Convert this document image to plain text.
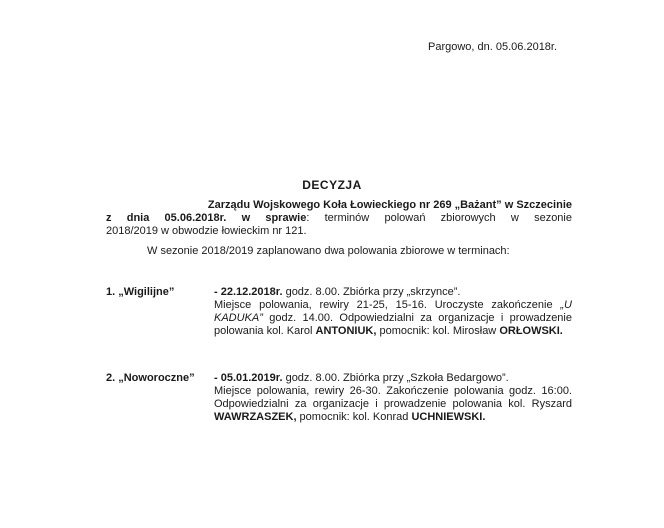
Pargowo, dn. 05.06.2018r.
DECYZJA
Zarządu Wojskowego Koła Łowieckiego nr 269 „Bażant” w Szczecinie
z dnia 05.06.2018r. w sprawie: terminów polowań zbiorowych w sezonie
2018/2019 w obwodzie łowieckim nr 121.
W sezonie 2018/2019 zaplanowano dwa polowania zbiorowe w terminach:
1. „Wigilijne”	- 22.12.2018r. godz. 8.00. Zbiórka przy „skrzynce”.

Miejsce polowania, rewiry 21-25, 15-16. Uroczyste zakończenie „U KADUKA” godz. 14.00. Odpowiedzialni za organizacje i prowadzenie polowania kol. Karol ANTONIUK, pomocnik: kol. Mirosław ORŁOWSKI.

2. „Noworoczne” - 05.01.2019r. godz. 8.00. Zbiórka przy „Szkoła Bedargowo”.

Miejsce polowania, rewiry 26-30. Zakończenie polowania godz. 16:00. Odpowiedzialni za organizacje i prowadzenie polowania kol. Ryszard WAWRZASZEK, pomocnik: kol. Konrad UCHNIEWSKI.
